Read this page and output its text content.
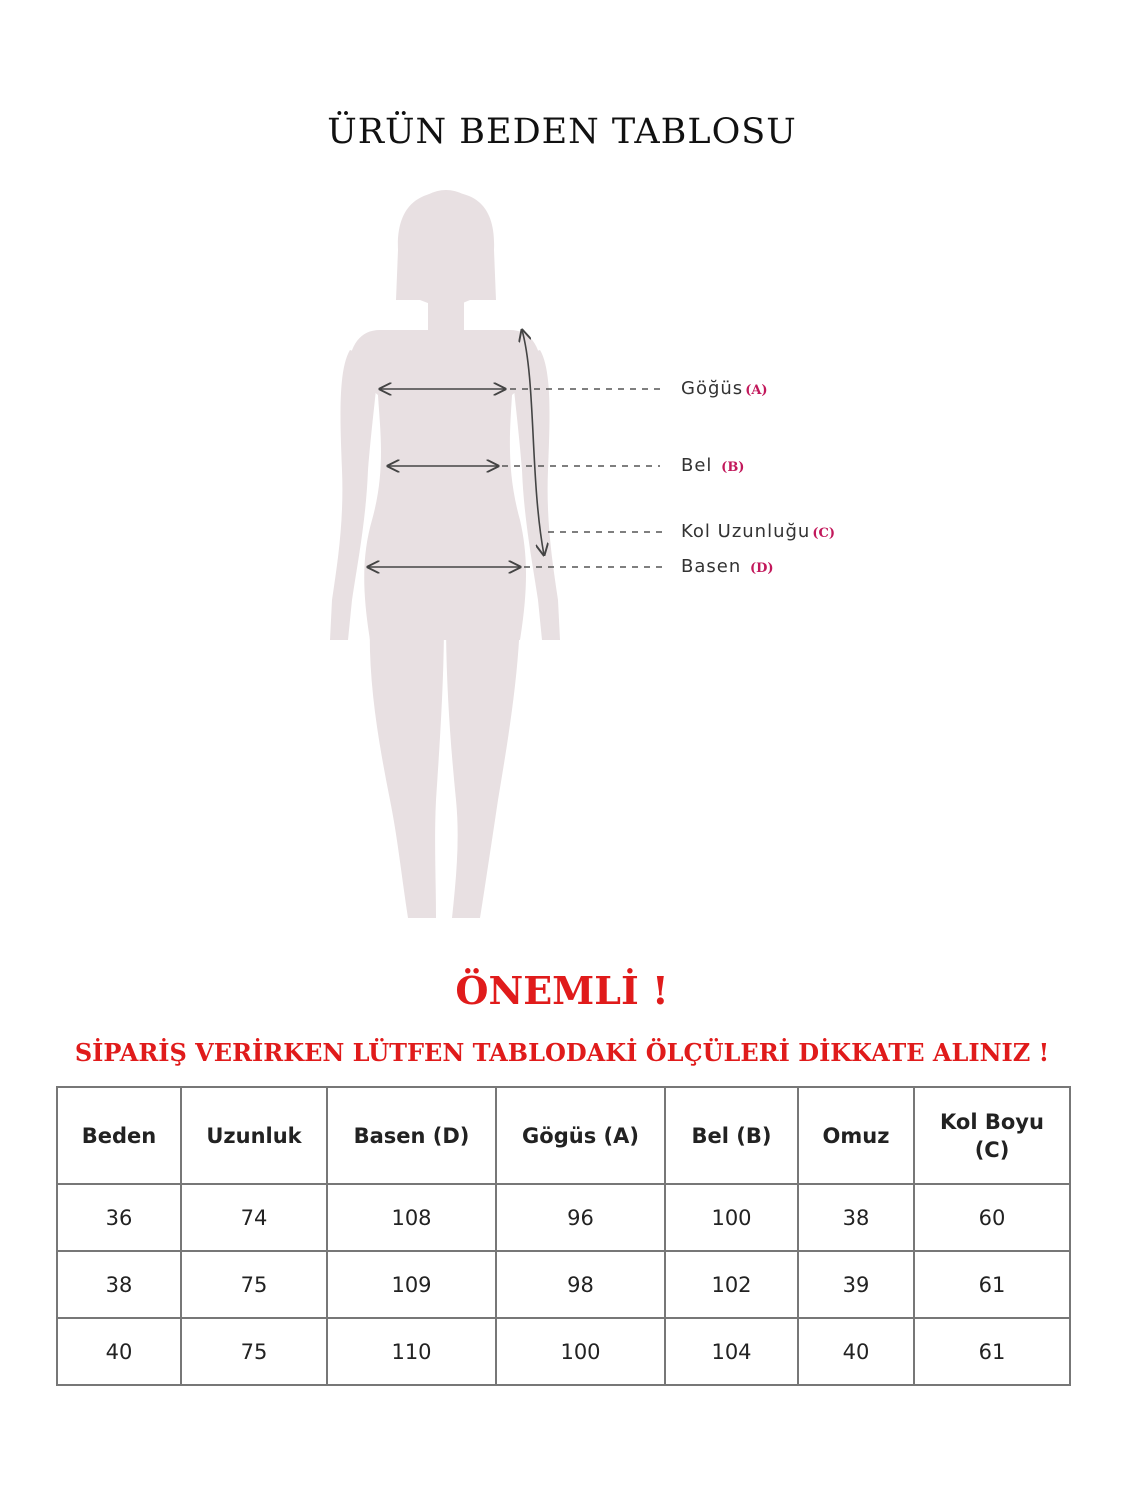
ÜRÜN BEDEN TABLOSU
Göğüs (A)
Bel (B)
Kol Uzunluğu (C)
Basen (D)
ÖNEMLİ !
SİPARİŞ VERİRKEN LÜTFEN TABLODAKİ ÖLÇÜLERİ DİKKATE ALINIZ !
Beden	Uzunluk	Basen (D)	Gögüs (A)	Bel (B)	Omuz	Kol Boyu (C)
36	74	108	96	100	38	60
38	75	109	98	102	39	61
40	75	110	100	104	40	61
